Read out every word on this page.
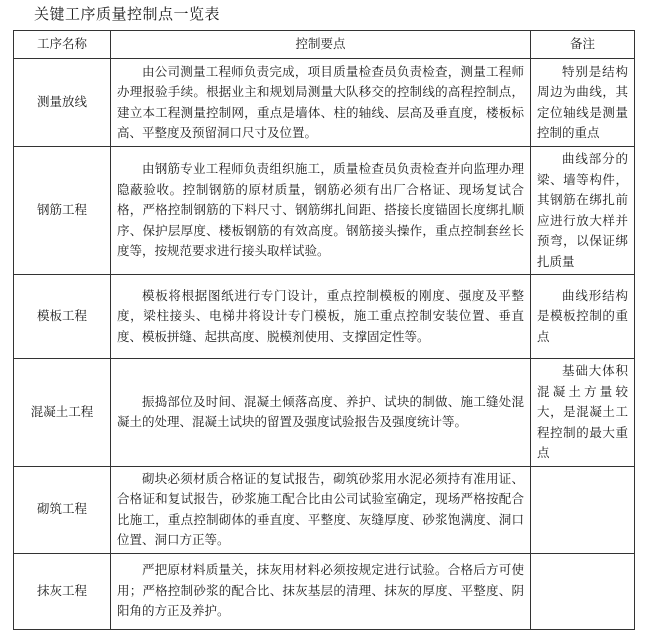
关键工序质量控制点一览表
工序名称	控制要点	备注
测量放线	由公司测量工程师负责完成，项目质量检查员负责检查，测量工程师办理报验手续。根据业主和规划局测量大队移交的控制线的高程控制点，建立本工程测量控制网，重点是墙体、柱的轴线、层高及垂直度，楼板标高、平整度及预留洞口尺寸及位置。	特别是结构周边为曲线，其定位轴线是测量控制的重点
钢筋工程	由钢筋专业工程师负责组织施工，质量检查员负责检查并向监理办理隐蔽验收。控制钢筋的原材质量，钢筋必须有出厂合格证、现场复试合格，严格控制钢筋的下料尺寸、钢筋绑扎间距、搭接长度锚固长度绑扎顺序、保护层厚度、楼板钢筋的有效高度。钢筋接头操作，重点控制套丝长度等，按规范要求进行接头取样试验。	曲线部分的梁、墙等构件，其钢筋在绑扎前应进行放大样并预弯，以保证绑扎质量
模板工程	模板将根据图纸进行专门设计，重点控制模板的刚度、强度及平整度，梁柱接头、电梯井将设计专门模板，施工重点控制安装位置、垂直度、模板拼缝、起拱高度、脱模剂使用、支撑固定性等。	曲线形结构是模板控制的重点
混凝土工程	振捣部位及时间、混凝土倾落高度、养护、试块的制做、施工缝处混凝土的处理、混凝土试块的留置及强度试验报告及强度统计等。	基础大体积混凝土方量较大，是混凝土工程控制的最大重点
砌筑工程	砌块必须材质合格证的复试报告，砌筑砂浆用水泥必须持有准用证、合格证和复试报告，砂浆施工配合比由公司试验室确定，现场严格按配合比施工，重点控制砌体的垂直度、平整度、灰缝厚度、砂浆饱满度、洞口位置、洞口方正等。	
抹灰工程	严把原材料质量关，抹灰用材料必须按规定进行试验。合格后方可使用；严格控制砂浆的配合比、抹灰基层的清理、抹灰的厚度、平整度、阴阳角的方正及养护。	
